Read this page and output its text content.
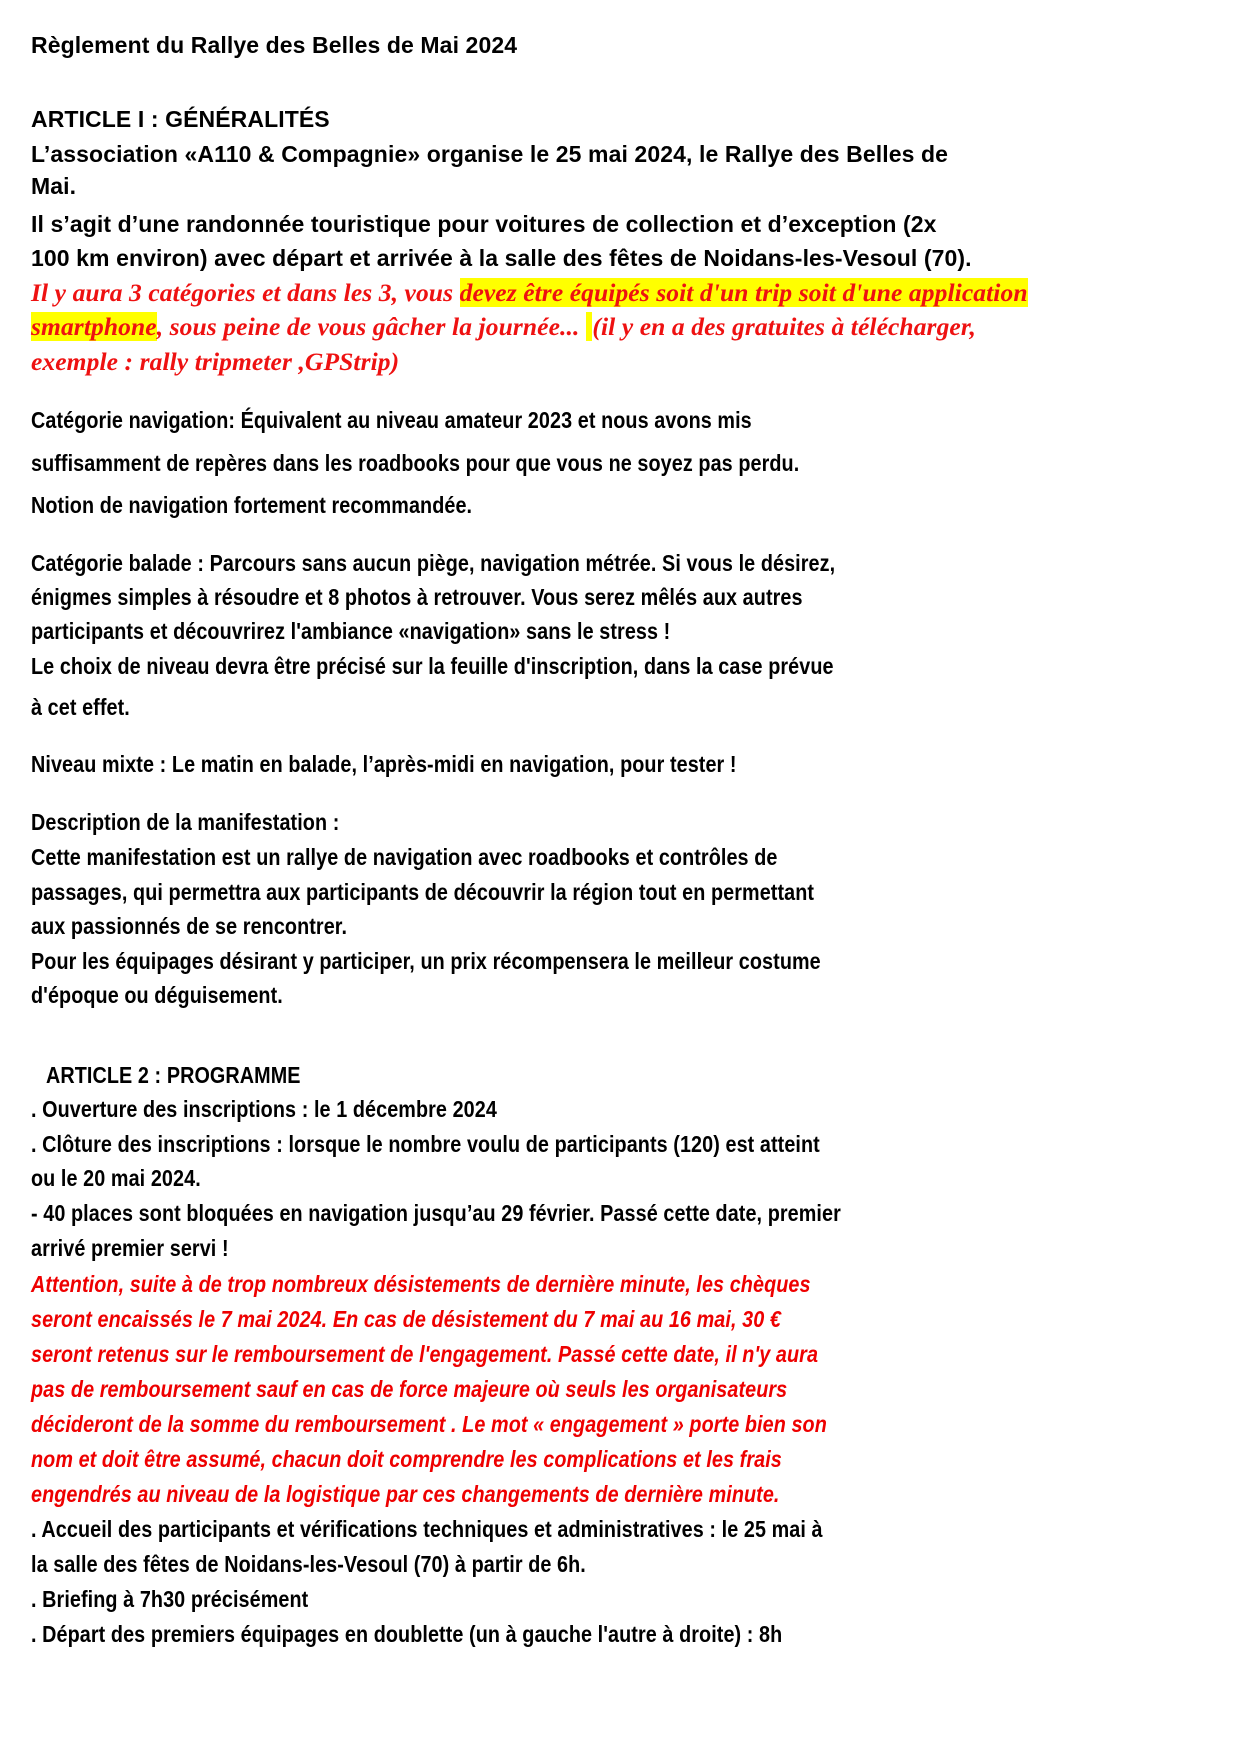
Règlement du Rallye des Belles de Mai 2024
ARTICLE I : GÉNÉRALITÉS
L’association «A110 & Compagnie» organise le 25 mai 2024, le Rallye des Belles de
Mai.
Il s’agit d’une randonnée touristique pour voitures de collection et d’exception (2x
100 km environ) avec départ et arrivée à la salle des fêtes de Noidans-les-Vesoul (70).
Il y aura 3 catégories et dans les 3, vous devez être équipés soit d'un trip soit d'une application
smartphone, sous peine de vous gâcher la journée...  (il y en a des gratuites à télécharger,
exemple : rally tripmeter ,GPStrip)
Catégorie navigation: Équivalent au niveau amateur 2023 et nous avons mis
suffisamment de repères dans les roadbooks pour que vous ne soyez pas perdu.
Notion de navigation fortement recommandée.
Catégorie balade : Parcours sans aucun piège, navigation métrée. Si vous le désirez,
énigmes simples à résoudre et 8 photos à retrouver. Vous serez mêlés aux autres
participants et découvrirez l'ambiance «navigation» sans le stress !
Le choix de niveau devra être précisé sur la feuille d'inscription, dans la case prévue
à cet effet.
Niveau mixte : Le matin en balade, l’après-midi en navigation, pour tester !
Description de la manifestation :
Cette manifestation est un rallye de navigation avec roadbooks et contrôles de
passages, qui permettra aux participants de découvrir la région tout en permettant
aux passionnés de se rencontrer.
Pour les équipages désirant y participer, un prix récompensera le meilleur costume
d'époque ou déguisement.
ARTICLE 2 : PROGRAMME
. Ouverture des inscriptions : le 1 décembre 2024
. Clôture des inscriptions : lorsque le nombre voulu de participants (120) est atteint
ou le 20 mai 2024.
- 40 places sont bloquées en navigation jusqu’au 29 février. Passé cette date, premier
arrivé premier servi !
Attention, suite à de trop nombreux désistements de dernière minute, les chèques
seront encaissés le 7 mai 2024. En cas de désistement du 7 mai au 16 mai, 30 €
seront retenus sur le remboursement de l'engagement. Passé cette date, il n'y aura
pas de remboursement sauf en cas de force majeure où seuls les organisateurs
décideront de la somme du remboursement . Le mot « engagement » porte bien son
nom et doit être assumé, chacun doit comprendre les complications et les frais
engendrés au niveau de la logistique par ces changements de dernière minute.
. Accueil des participants et vérifications techniques et administratives : le 25 mai à
la salle des fêtes de Noidans-les-Vesoul (70) à partir de 6h.
. Briefing à 7h30 précisément
. Départ des premiers équipages en doublette (un à gauche l'autre à droite) : 8h
